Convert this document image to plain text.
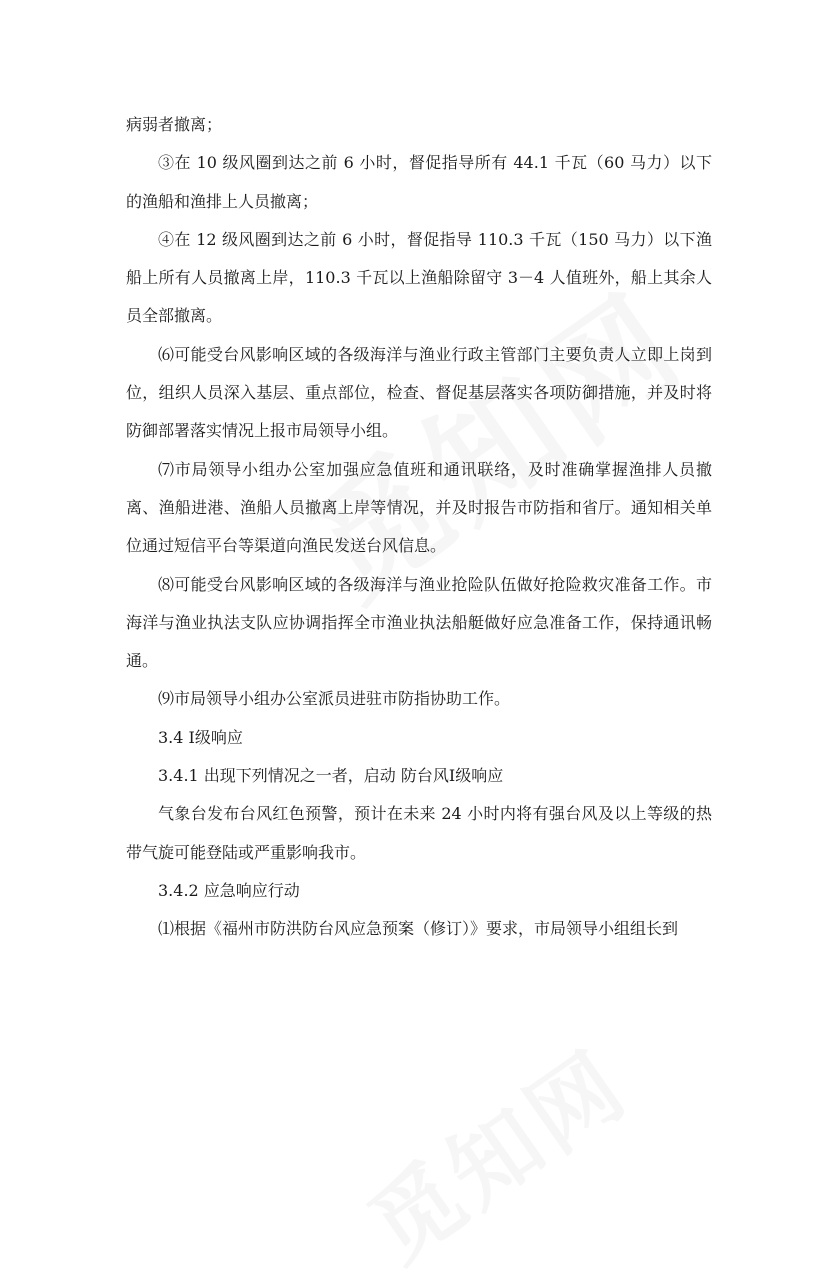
病弱者撤离；

③在 10 级风圈到达之前 6 小时，督促指导所有 44.1 千瓦（60 马力）以下的渔船和渔排上人员撤离；

④在 12 级风圈到达之前 6 小时，督促指导 110.3 千瓦（150 马力）以下渔船上所有人员撤离上岸，110.3 千瓦以上渔船除留守 3－4 人值班外，船上其余人员全部撤离。

⑹可能受台风影响区域的各级海洋与渔业行政主管部门主要负责人立即上岗到位，组织人员深入基层、重点部位，检查、督促基层落实各项防御措施，并及时将防御部署落实情况上报市局领导小组。

⑺市局领导小组办公室加强应急值班和通讯联络，及时准确掌握渔排人员撤离、渔船进港、渔船人员撤离上岸等情况，并及时报告市防指和省厅。通知相关单位通过短信平台等渠道向渔民发送台风信息。

⑻可能受台风影响区域的各级海洋与渔业抢险队伍做好抢险救灾准备工作。市海洋与渔业执法支队应协调指挥全市渔业执法船艇做好应急准备工作，保持通讯畅通。

⑼市局领导小组办公室派员进驻市防指协助工作。

3.4 Ⅰ级响应

3.4.1 出现下列情况之一者，启动 防台风Ⅰ级响应

气象台发布台风红色预警，预计在未来 24 小时内将有强台风及以上等级的热带气旋可能登陆或严重影响我市。

3.4.2 应急响应行动

⑴根据《福州市防洪防台风应急预案（修订）》要求，市局领导小组组长到
